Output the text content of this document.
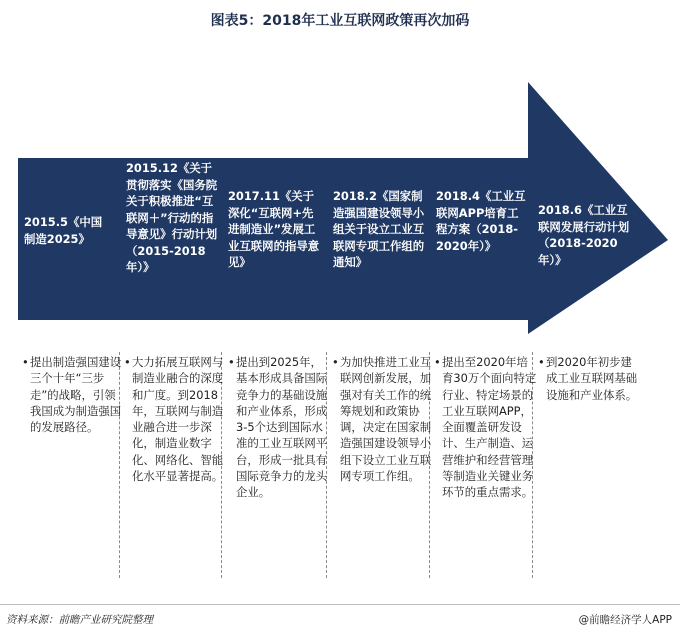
图表5：2018年工业互联网政策再次加码
2015.5《中国制造2025》
2015.12《关于贯彻落实《国务院关于积极推进“互联网＋”行动的指导意见》行动计划（2015-2018年）》
2017.11《关于深化“互联网+先进制造业”发展工业互联网的指导意见》
2018.2《国家制造强国建设领导小组关于设立工业互联网专项工作组的通知》
2018.4《工业互联网APP培育工程方案（2018-2020年）》
2018.6《工业互联网发展行动计划（2018-2020年）》
• 提出制造强国建设三个十年“三步走”的战略，引领我国成为制造强国的发展路径。
• 大力拓展互联网与制造业融合的深度和广度。到2018年，互联网与制造业融合进一步深化，制造业数字化、网络化、智能化水平显著提高。
• 提出到2025年，基本形成具备国际竞争力的基础设施和产业体系，形成3-5个达到国际水准的工业互联网平台，形成一批具有国际竞争力的龙头企业。
• 为加快推进工业互联网创新发展，加强对有关工作的统筹规划和政策协调，决定在国家制造强国建设领导小组下设立工业互联网专项工作组。
• 提出至2020年培育30万个面向特定行业、特定场景的工业互联网APP，全面覆盖研发设计、生产制造、运营维护和经营管理等制造业关键业务环节的重点需求。
• 到2020年初步建成工业互联网基础设施和产业体系。
资料来源：前瞻产业研究院整理	@前瞻经济学人APP
